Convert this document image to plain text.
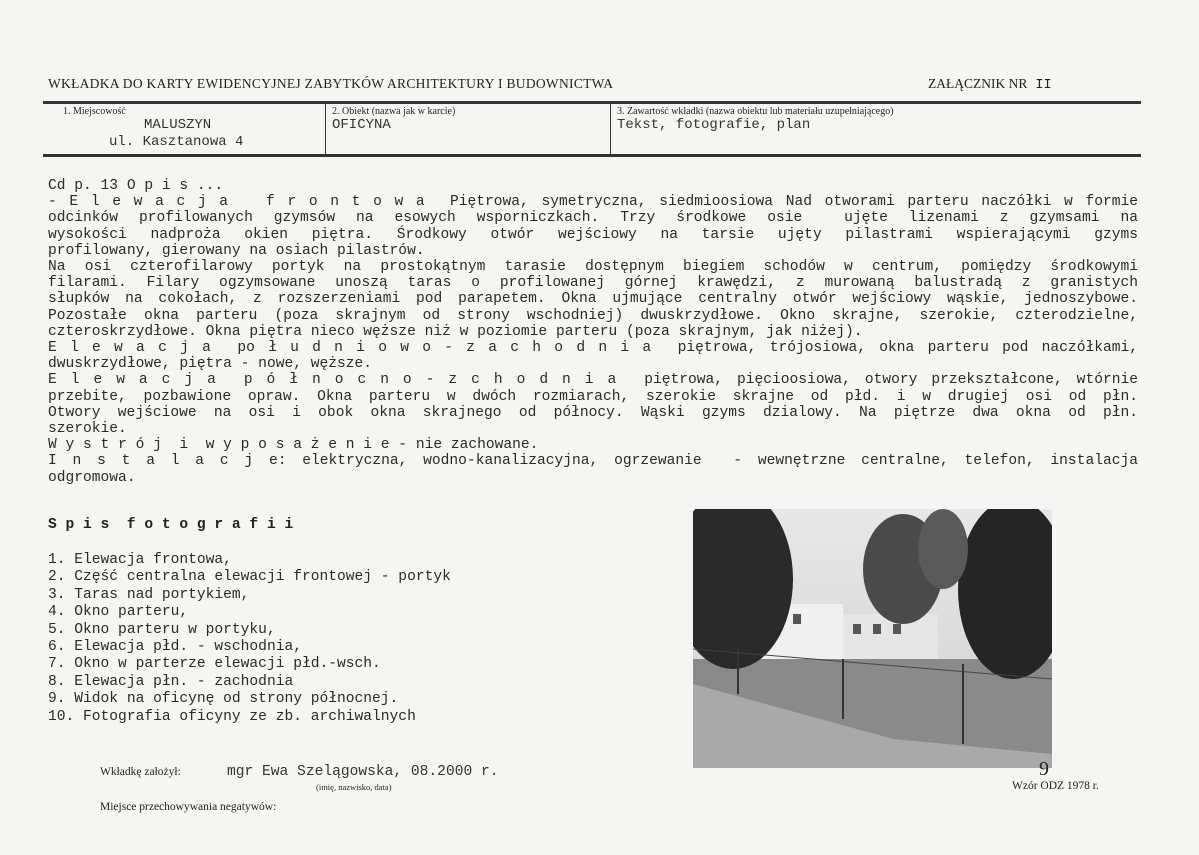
WKŁADKA DO KARTY EWIDENCYJNEJ ZABYTKÓW ARCHITEKTURY I BUDOWNICTWA	ZAŁĄCZNIK NR II
1. Miejscowość
MALUSZYN
ul. Kasztanowa 4
2. Obiekt (nazwa jak w karcie)
OFICYNA
3. Zawartość wkładki (nazwa obiektu lub materiału uzupełniającego)
Tekst, fotografie, plan
Cd p. 13 O p i s ...
- E l e w a c j a   f r o n t o w a  Piętrowa, symetryczna, siedmioosiowa Nad otworami parteru naczółki w formie
odcinków profilowanych gzymsów na esowych wsporniczkach. Trzy środkowe osie  ujęte lizenami z gzymsami na
wysokości nadproża okien piętra. Środkowy otwór wejściowy na tarsie ujęty pilastrami wspierającymi gzyms
profilowany, gierowany na osiach pilastrów.
Na osi czterofilarowy portyk na prostokątnym tarasie dostępnym biegiem schodów w centrum, pomiędzy środkowymi
filarami. Filary ogzymsowane unoszą taras o profilowanej górnej krawędzi, z murowaną balustradą z granistych
słupków na cokołach, z rozszerzeniami pod parapetem. Okna ujmujące centralny otwór wejściowy wąskie, jednoszybowe.
Pozostałe okna parteru (poza skrajnym od strony wschodniej) dwuskrzydłowe. Okno skrajne, szerokie, czterodzielne,
czteroskrzydłowe. Okna piętra nieco węższe niż w poziomie parteru (poza skrajnym, jak niżej).
E l e w a c j a  po ł u d n i o w o - z a c h o d n i a  piętrowa, trójosiowa, okna parteru pod naczółkami,
dwuskrzydłowe, piętra - nowe, węższe.
E l e w a c j a  p ó ł n o c n o - z c h o d n i a  piętrowa, pięcioosiowa, otwory przekształcone, wtórnie
przebite, pozbawione opraw. Okna parteru w dwóch rozmiarach, szerokie skrajne od płd. i w drugiej osi od płn.
Otwory wejściowe na osi i obok okna skrajnego od północy. Wąski gzyms dzialowy. Na piętrze dwa okna od płn.
szerokie.
W y s t r ó j  i  w y p o s a ż e n i e - nie zachowane.
I n s t a l a c j e: elektryczna, wodno-kanalizacyjna, ogrzewanie  - wewnętrzne centralne, telefon, instalacja
odgromowa.
S p i s  f o t o g r a f i i
1. Elewacja frontowa,
2. Część centralna elewacji frontowej - portyk
3. Taras nad portykiem,
4. Okno parteru,
5. Okno parteru w portyku,
6. Elewacja płd. - wschodnia,
7. Okno w parterze elewacji płd.-wsch.
8. Elewacja płn. - zachodnia
9. Widok na oficynę od strony północnej.
10. Fotografia oficyny ze zb. archiwalnych
Wkładkę założył:	mgr Ewa Szelągowska, 08.2000 r.
(imię, nazwisko, data)
Miejsce przechowywania negatywów:
9
Wzór ODZ 1978 r.
